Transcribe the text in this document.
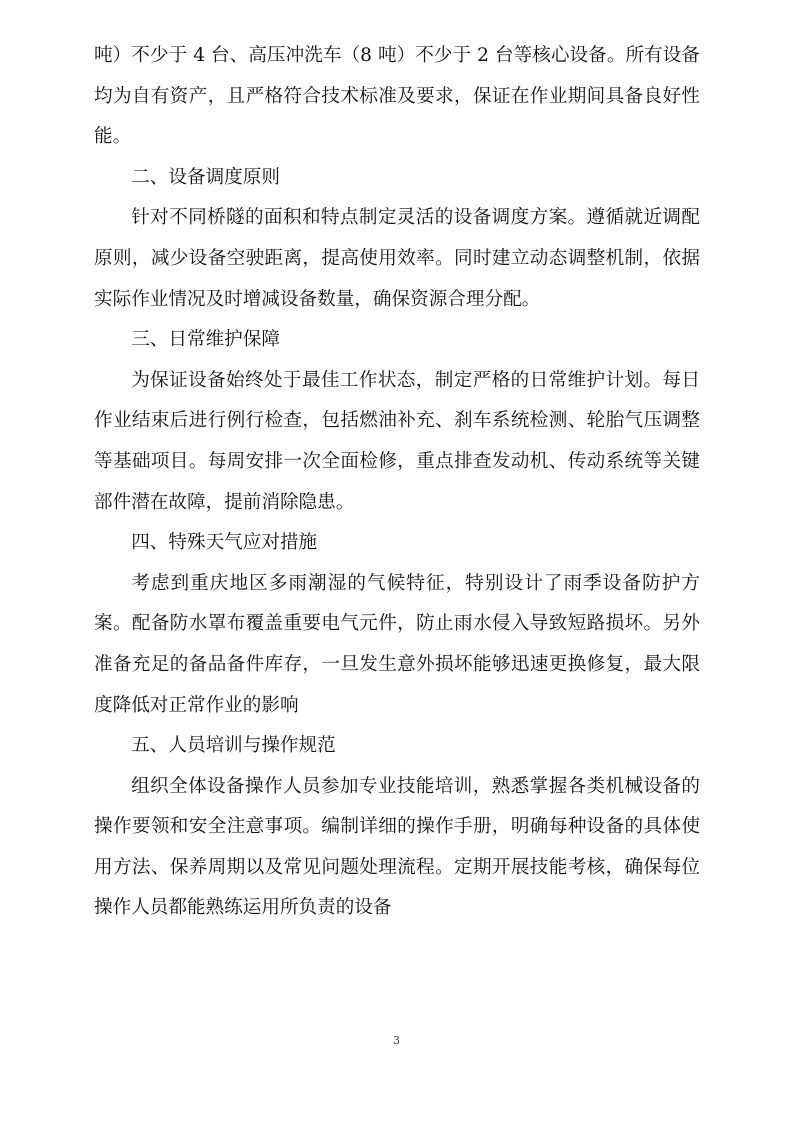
吨）不少于 4 台、高压冲洗车（8 吨）不少于 2 台等核心设备。所有设备均为自有资产，且严格符合技术标准及要求，保证在作业期间具备良好性能。

二、设备调度原则

针对不同桥隧的面积和特点制定灵活的设备调度方案。遵循就近调配原则，减少设备空驶距离，提高使用效率。同时建立动态调整机制，依据实际作业情况及时增减设备数量，确保资源合理分配。

三、日常维护保障

为保证设备始终处于最佳工作状态，制定严格的日常维护计划。每日作业结束后进行例行检查，包括燃油补充、刹车系统检测、轮胎气压调整等基础项目。每周安排一次全面检修，重点排查发动机、传动系统等关键部件潜在故障，提前消除隐患。

四、特殊天气应对措施

考虑到重庆地区多雨潮湿的气候特征，特别设计了雨季设备防护方案。配备防水罩布覆盖重要电气元件，防止雨水侵入导致短路损坏。另外准备充足的备品备件库存，一旦发生意外损坏能够迅速更换修复，最大限度降低对正常作业的影响

五、人员培训与操作规范

组织全体设备操作人员参加专业技能培训，熟悉掌握各类机械设备的操作要领和安全注意事项。编制详细的操作手册，明确每种设备的具体使用方法、保养周期以及常见问题处理流程。定期开展技能考核，确保每位操作人员都能熟练运用所负责的设备

3
